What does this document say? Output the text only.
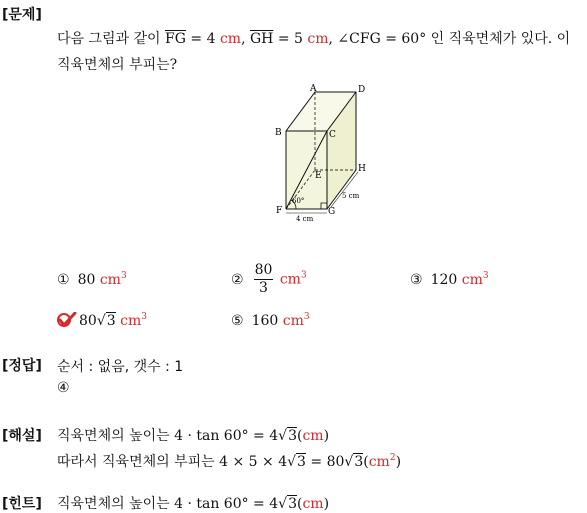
[문제]
다음 그림과 같이 $\overline{FG} = 4$ cm, $\overline{GH} = 5$ cm, ∠CFG = 60° 인 직육면체가 있다. 이
직육면체의 부피는?
A	D
B	C
E
H
F	G
60°
4 cm
5 cm
① 80 $cm^3$	② $\frac{80}{3} cm^3$	③ 120 $cm^3$
80√3 $cm^3$	⑤ 160 $cm^3$
[정답] 순서 : 없음, 갯수 : 1
④
[해설] 직육면체의 높이는 4 · tan 60° = 4√3(cm)
따라서 직육면체의 부피는 $4 \times 5 \times 4√3 = 80√3(cm^2)$
[힌트] 직육면체의 높이는 4 · tan 60° = 4√3(cm)
